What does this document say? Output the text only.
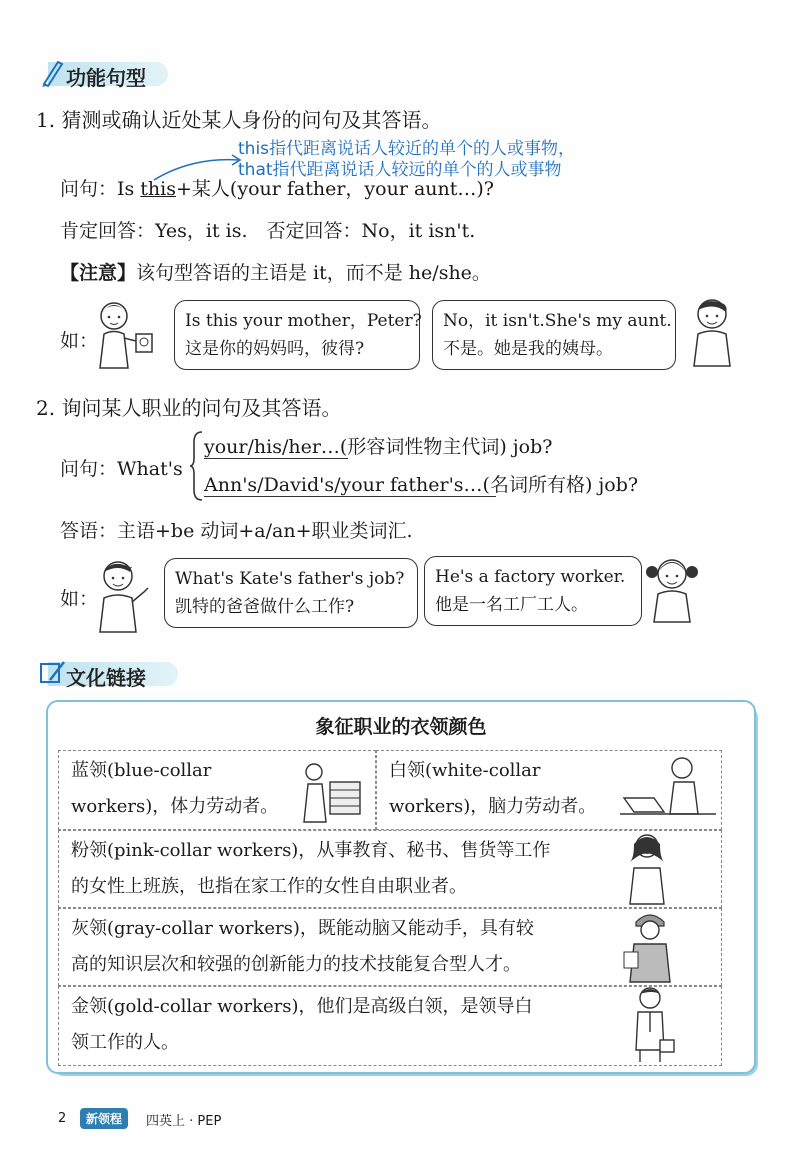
功能句型
1. 猜测或确认近处某人身份的问句及其答语。
this指代距离说话人较近的单个的人或事物，
that指代距离说话人较远的单个的人或事物
问句：Is this+某人(your father，your aunt…)?
肯定回答：Yes，it is.　否定回答：No，it isn't.
【注意】该句型答语的主语是 it，而不是 he/she。
如：
Is this your mother，Peter?
这是你的妈妈吗，彼得?
No，it isn't.She's my aunt.
不是。她是我的姨母。
2. 询问某人职业的问句及其答语。
问句：What's
your/his/her…(形容词性物主代词) job?
Ann's/David's/your father's…(名词所有格) job?
答语：主语+be 动词+a/an+职业类词汇.
如：
What's Kate's father's job?
凯特的爸爸做什么工作?
He's a factory worker.
他是一名工厂工人。
文化链接
象征职业的衣领颜色
蓝领(blue-collar
workers)，体力劳动者。
白领(white-collar
workers)，脑力劳动者。
粉领(pink-collar workers)，从事教育、秘书、售货等工作
的女性上班族，也指在家工作的女性自由职业者。
灰领(gray-collar workers)，既能动脑又能动手，具有较
高的知识层次和较强的创新能力的技术技能复合型人才。
金领(gold-collar workers)，他们是高级白领，是领导白
领工作的人。
2	新领程	四英上 · PEP
